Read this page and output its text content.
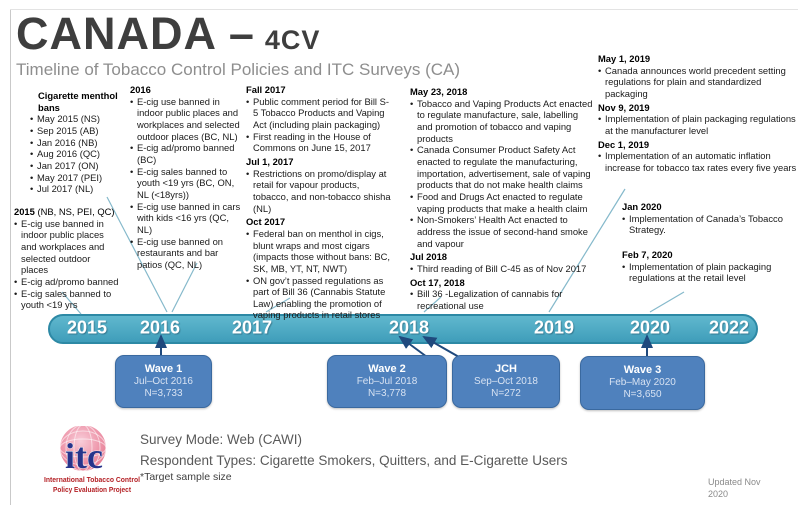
CANADA – 4CV
Timeline of Tobacco Control Policies and ITC Surveys (CA)
Cigarette menthol bans
• May 2015 (NS)
• Sep 2015 (AB)
• Jan 2016 (NB)
• Aug 2016 (QC)
• Jan 2017 (ON)
• May 2017 (PEI)
• Jul 2017 (NL)
2015 (NB, NS, PEI, QC)
• E-cig use banned in indoor public places and workplaces and selected outdoor places
• E-cig ad/promo banned
• E-cig sales banned to youth <19 yrs
2016
• E-cig use banned in indoor public places and workplaces and selected outdoor places (BC, NL)
• E-cig ad/promo banned (BC)
• E-cig sales banned to youth <19 yrs (BC, ON, NL (<18yrs))
• E-cig use banned in cars with kids <16 yrs (QC, NL)
• E-cig use banned on restaurants and bar patios (QC, NL)
Fall 2017
• Public comment period for Bill S-5 Tobacco Products and Vaping Act (including plain packaging)
• First reading in the House of Commons on June 15, 2017
Jul 1, 2017
• Restrictions on promo/display at retail for vapour products, tobacco, and non-tobacco shisha (NL)
Oct 2017
• Federal ban on menthol in cigs, blunt wraps and most cigars (impacts those without bans: BC, SK, MB, YT, NT, NWT)
• ON gov’t passed regulations as part of Bill 36 (Cannabis Statute Law) enabling the promotion of vaping products in retail stores
May 23, 2018
• Tobacco and Vaping Products Act enacted to regulate manufacture, sale, labelling and promotion of tobacco and vaping products
• Canada Consumer Product Safety Act enacted to regulate the manufacturing, importation, advertisement, sale of vaping products that do not make health claims
• Food and Drugs Act enacted to regulate vaping products that make a health claim
• Non-Smokers’ Health Act enacted to address the issue of second-hand smoke and vapour
Jul 2018
• Third reading of Bill C-45 as of Nov 2017
Oct 17, 2018
• Bill 36 -Legalization of cannabis for recreational use
May 1, 2019
• Canada announces world precedent setting regulations for plain and standardized packaging
Nov 9, 2019
• Implementation of plain packaging regulations at the manufacturer level
Dec 1, 2019
• Implementation of an automatic inflation increase for tobacco tax rates every five years
Jan 2020
• Implementation of Canada’s Tobacco Strategy.
Feb 7, 2020
• Implementation of plain packaging regulations at the retail level
2015 2016	2017	2018	2019	2020 2022
Wave 1
Jul–Oct 2016
N=3,733
Wave 2
Feb–Jul 2018
N=3,778
JCH
Sep–Oct 2018
N=272
Wave 3
Feb–May 2020
N=3,650
itc
International Tobacco Control
Policy Evaluation Project
Survey Mode: Web (CAWI)
Respondent Types: Cigarette Smokers, Quitters, and E-Cigarette Users
*Target sample size	Updated Nov 2020
